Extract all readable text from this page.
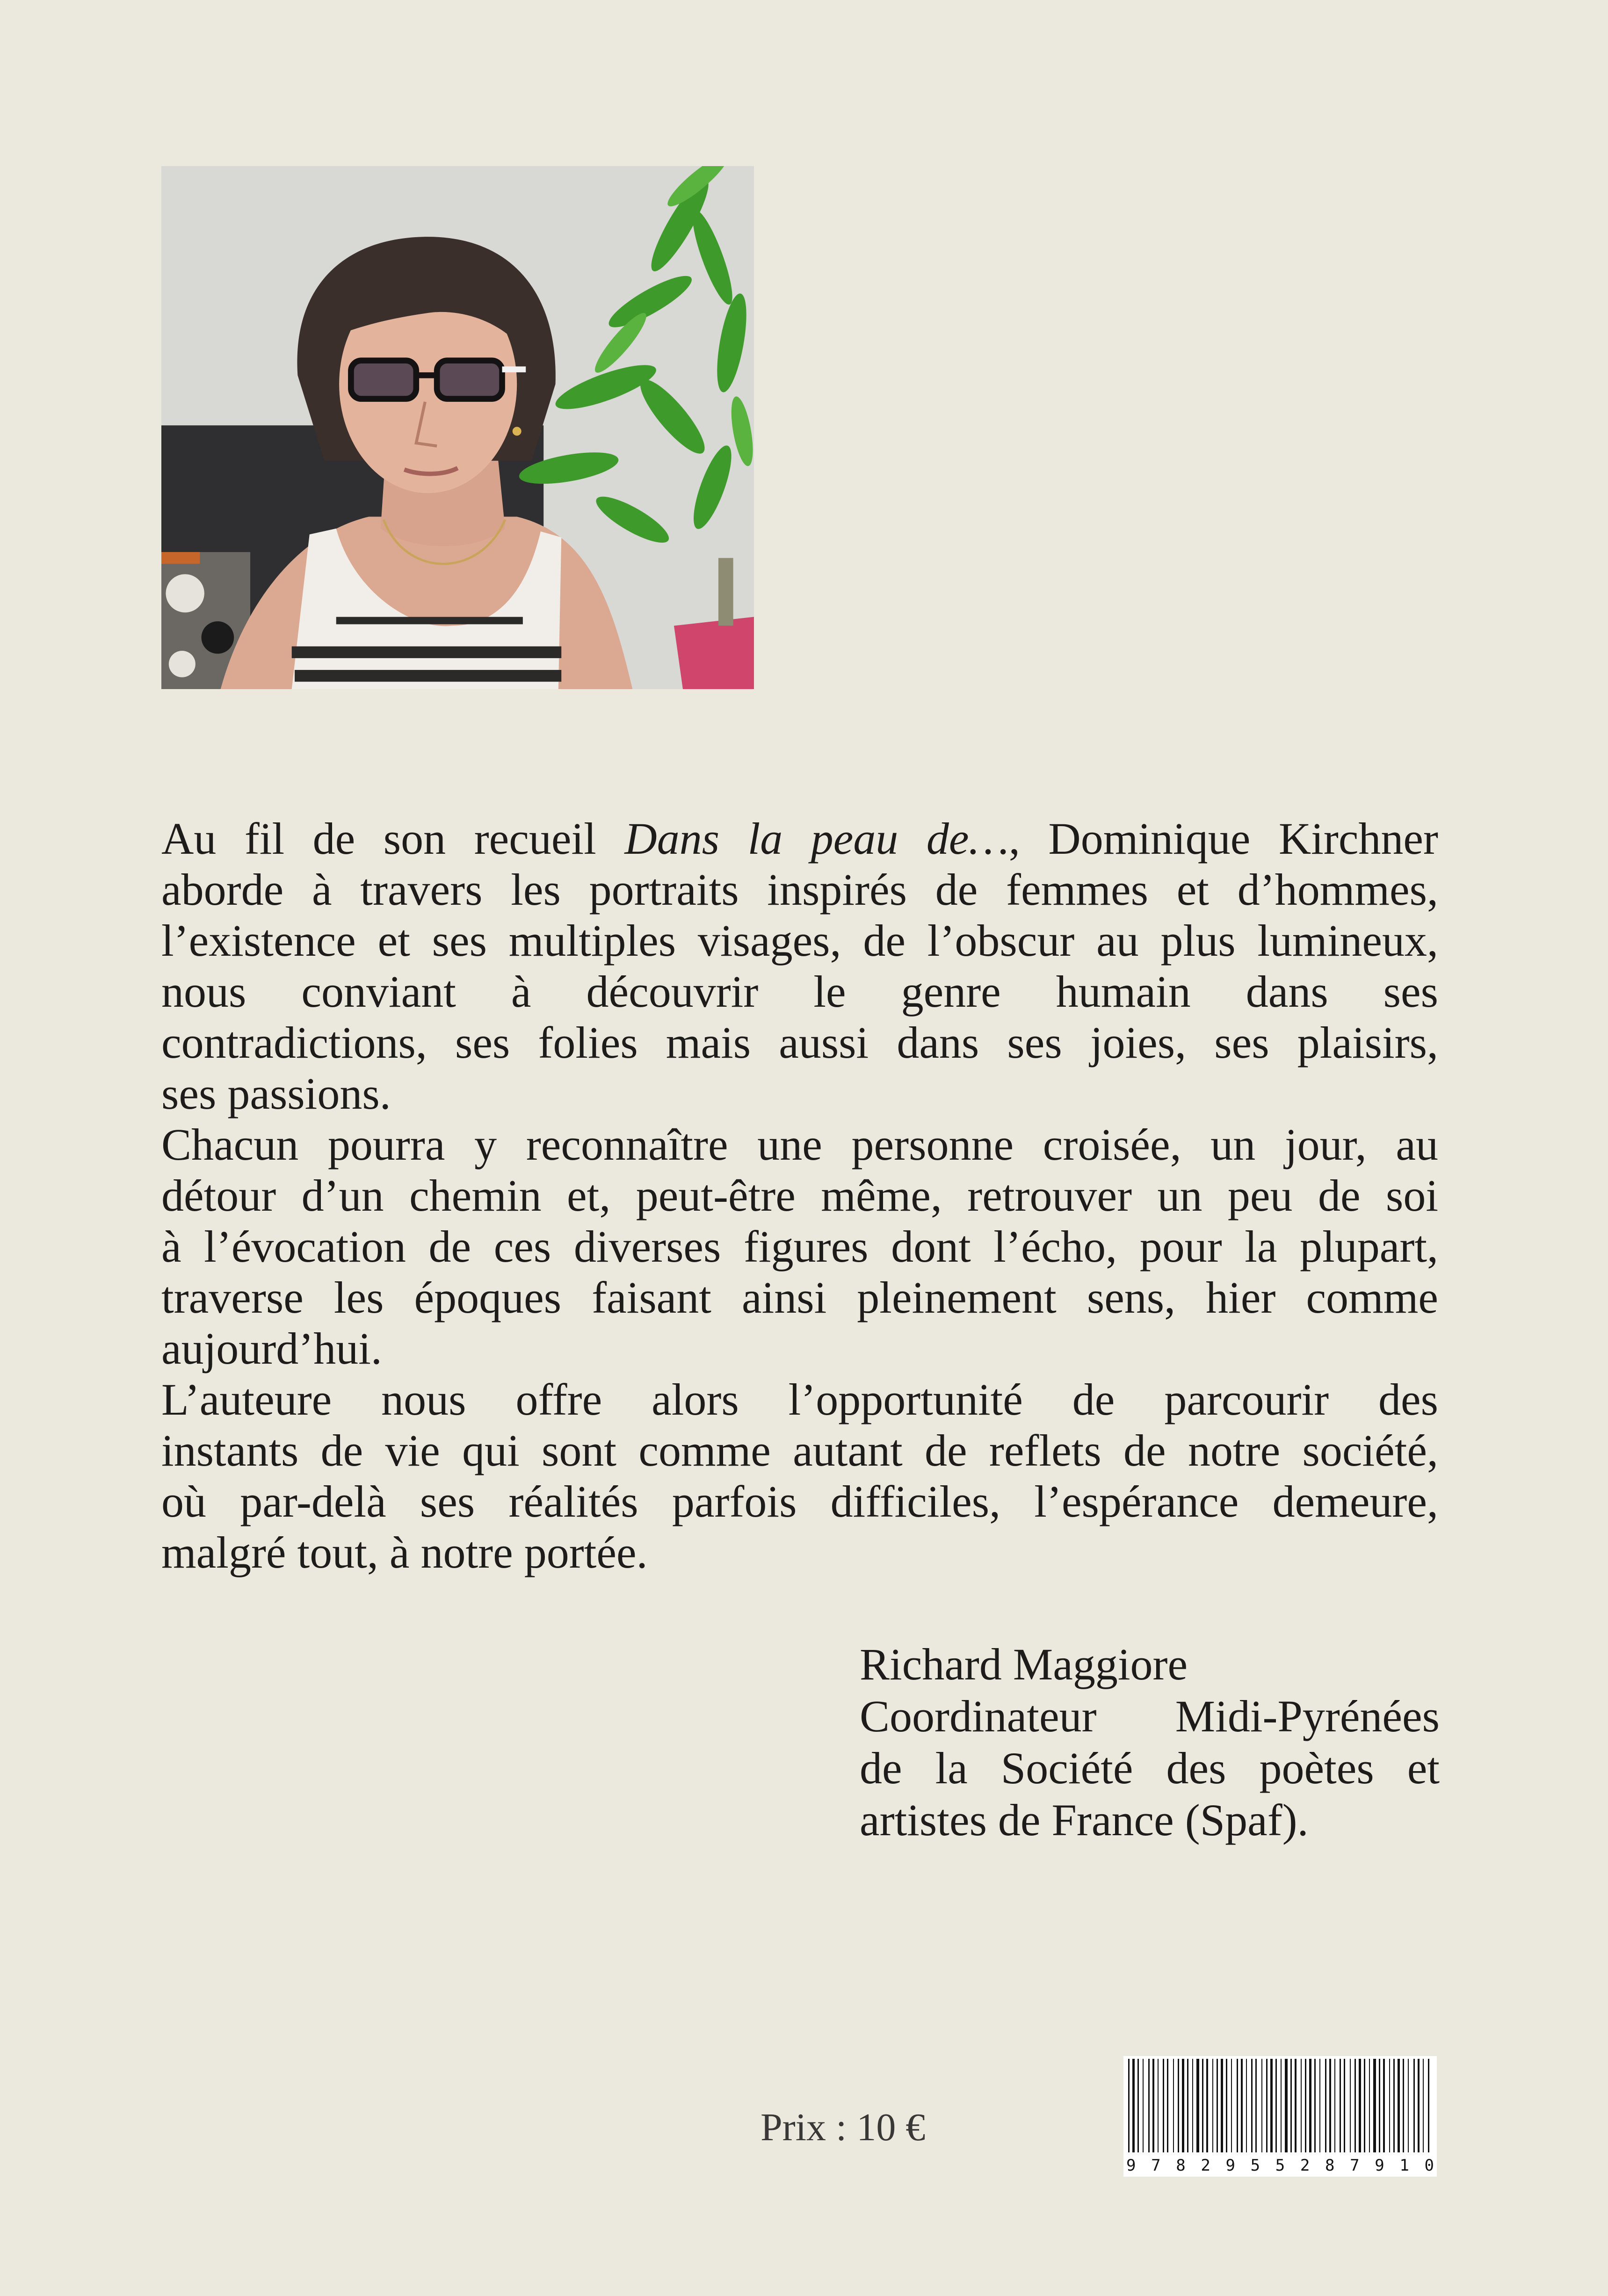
Au fil de son recueil Dans la peau de…, Dominique Kirchner
aborde à travers les portraits inspirés de femmes et d’hommes,
l’existence et ses multiples visages, de l’obscur au plus lumineux,
nous conviant à découvrir le genre humain dans ses
contradictions, ses folies mais aussi dans ses joies, ses plaisirs,
ses passions.

Chacun pourra y reconnaître une personne croisée, un jour, au
détour d’un chemin et, peut-être même, retrouver un peu de soi
à l’évocation de ces diverses figures dont l’écho, pour la plupart,
traverse les époques faisant ainsi pleinement sens, hier comme
aujourd’hui.

L’auteure nous offre alors l’opportunité de parcourir des
instants de vie qui sont comme autant de reflets de notre société,
où par-delà ses réalités parfois difficiles, l’espérance demeure,
malgré tout, à notre portée.

Richard Maggiore
Coordinateur Midi-Pyrénées
de la Société des poètes et
artistes de France (Spaf).
Prix : 10 €
9 7 8 2 9 5 5 2 8 7 9 1 0
